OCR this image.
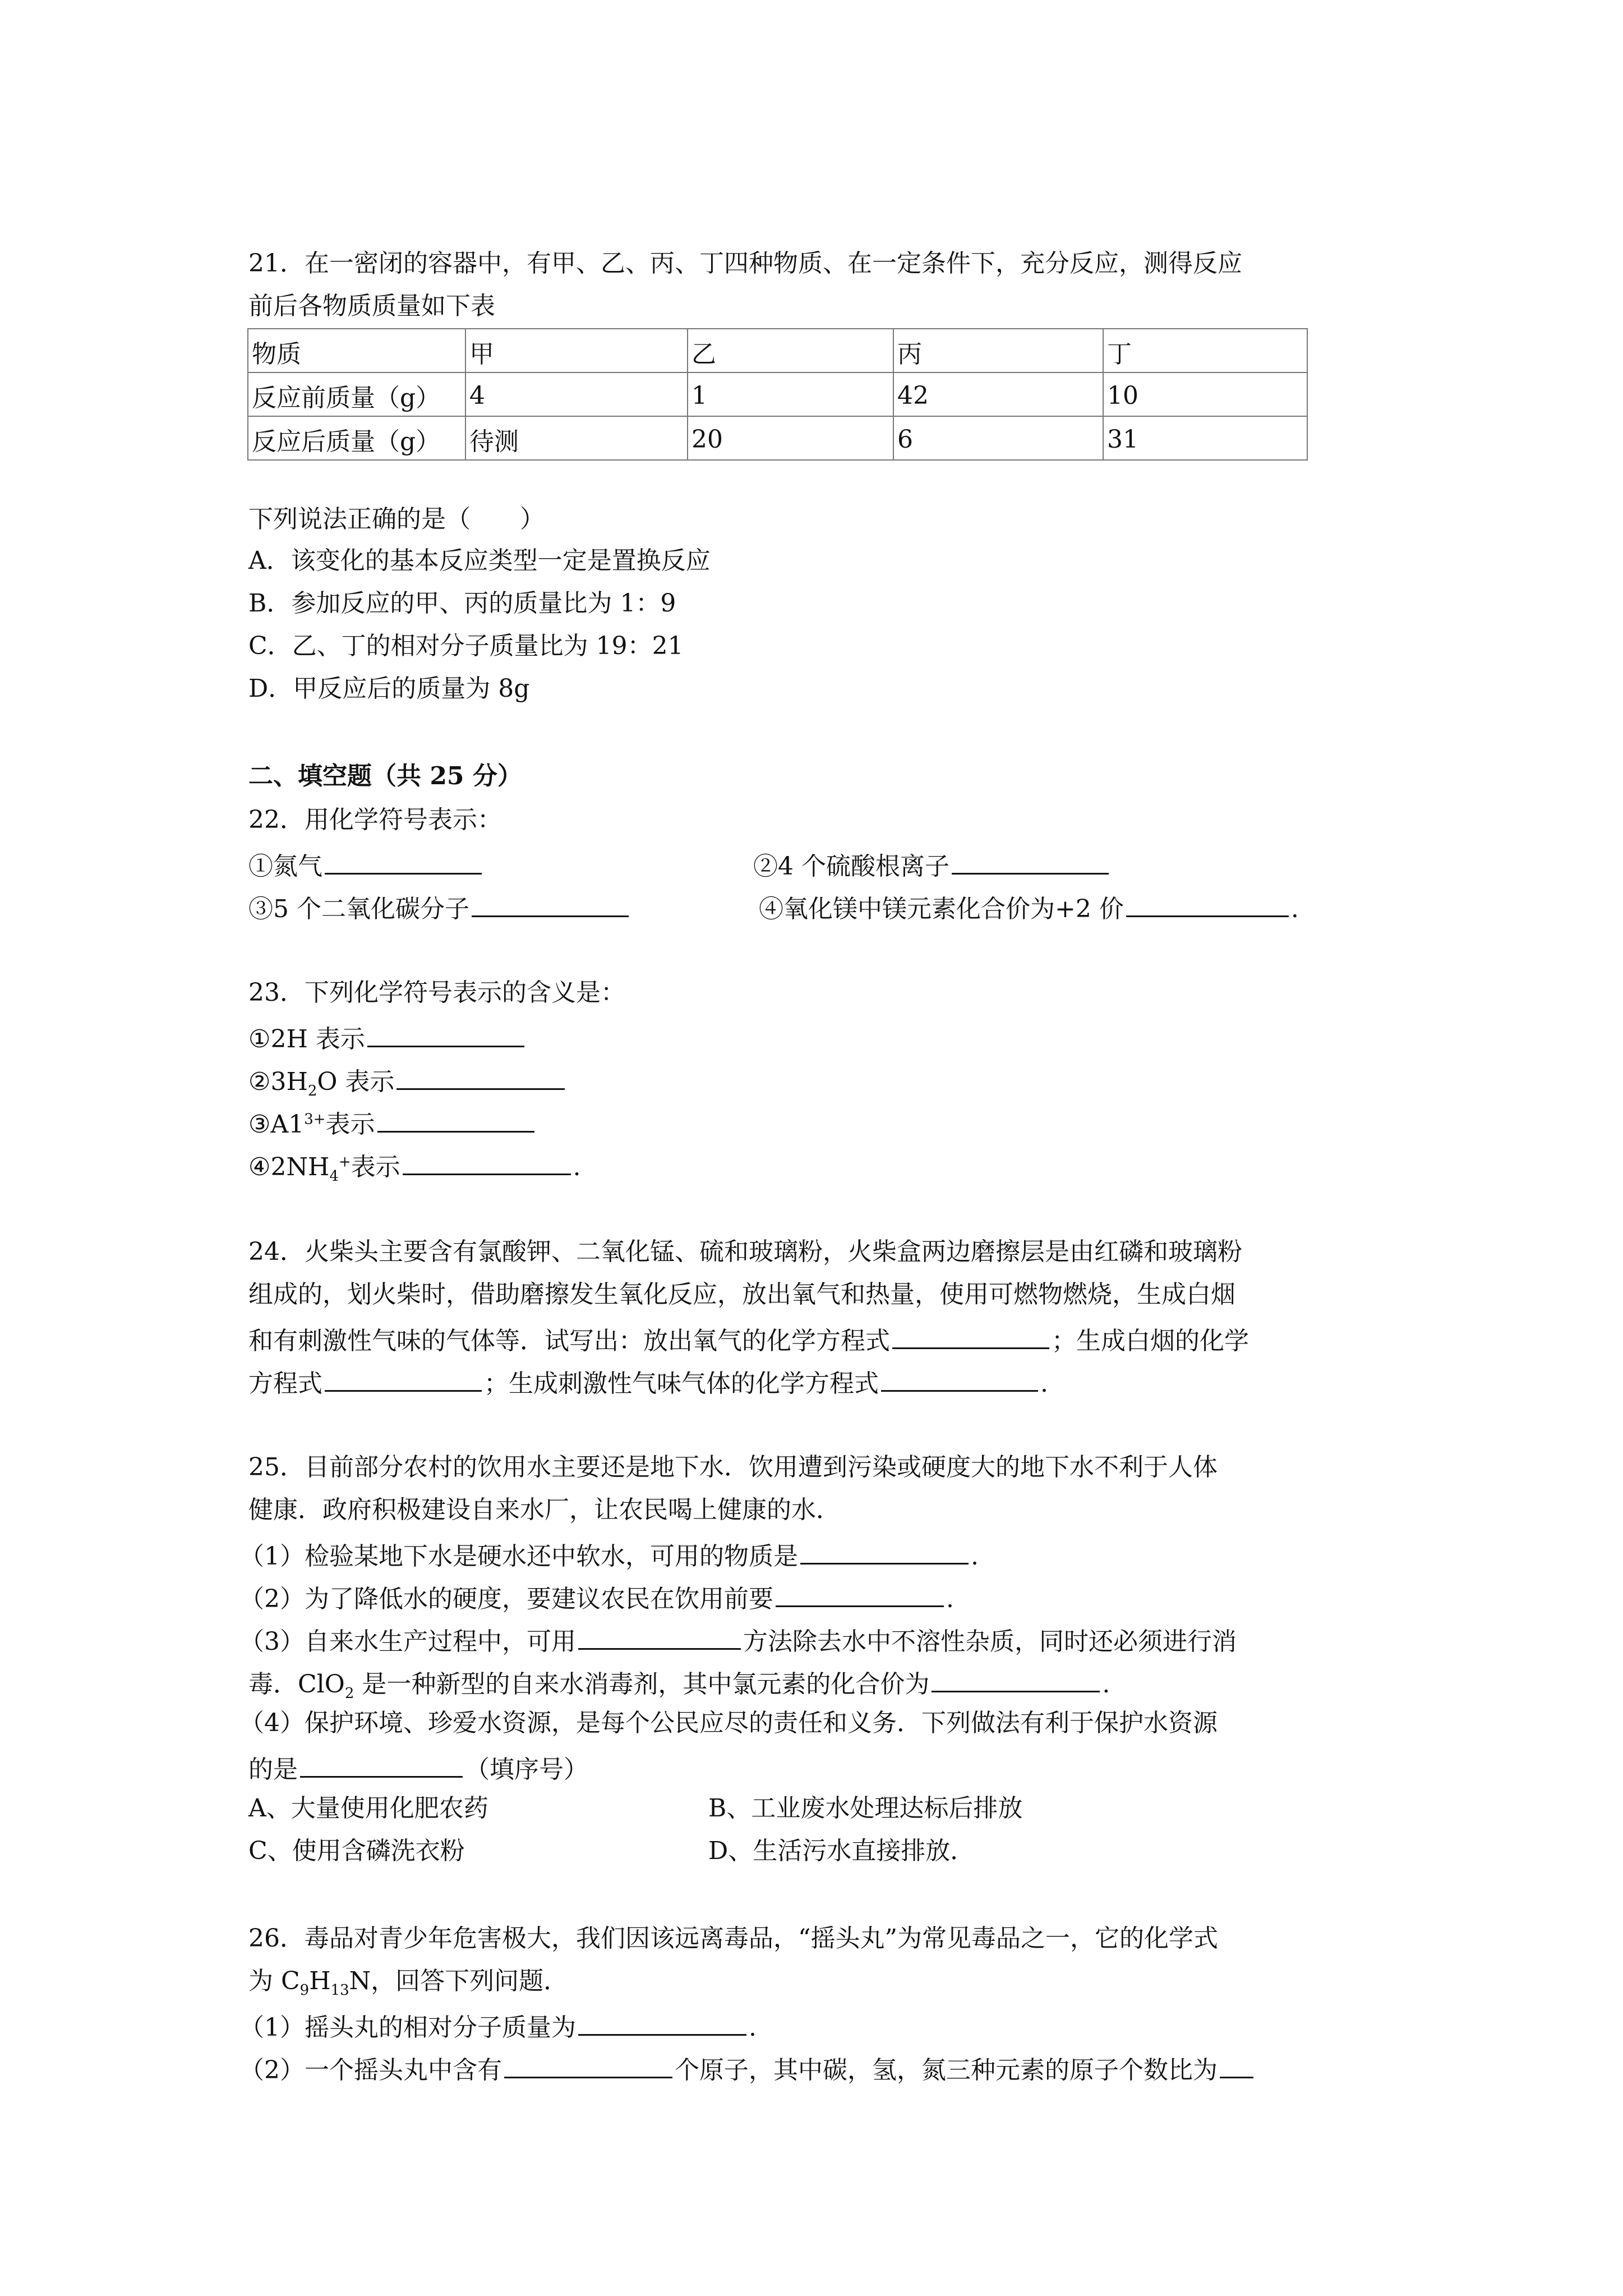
21．在一密闭的容器中，有甲、乙、丙、丁四种物质、在一定条件下，充分反应，测得反应
前后各物质质量如下表
物质	甲	乙	丙	丁
反应前质量（g）	4	1	42	10
反应后质量（g）	待测	20	6	31
下列说法正确的是（　　）
A．该变化的基本反应类型一定是置换反应
B．参加反应的甲、丙的质量比为 1：9
C．乙、丁的相对分子质量比为 19：21
D．甲反应后的质量为 8g
二、填空题（共 25 分）
22．用化学符号表示：
①氮气	②4 个硫酸根离子
③5 个二氧化碳分子	④氧化镁中镁元素化合价为+2 价	.
23．下列化学符号表示的含义是：
①2H 表示
$②3H_2O$ 表示
$③A1^{3+}$表示
$④2NH_4^+$表示	.
24．火柴头主要含有氯酸钾、二氧化锰、硫和玻璃粉，火柴盒两边磨擦层是由红磷和玻璃粉
组成的，划火柴时，借助磨擦发生氧化反应，放出氧气和热量，使用可燃物燃烧，生成白烟
和有刺激性气味的气体等．试写出：放出氧气的化学方程式	；生成白烟的化学
方程式	；生成刺激性气味气体的化学方程式	.
25．目前部分农村的饮用水主要还是地下水．饮用遭到污染或硬度大的地下水不利于人体
健康．政府积极建设自来水厂，让农民喝上健康的水．
（1）检验某地下水是硬水还中软水，可用的物质是	.
（2）为了降低水的硬度，要建议农民在饮用前要	.
（3）自来水生产过程中，可用	方法除去水中不溶性杂质，同时还必须进行消
毒．ClO$_2$ 是一种新型的自来水消毒剂，其中氯元素的化合价为	.
（4）保护环境、珍爱水资源，是每个公民应尽的责任和义务．下列做法有利于保护水资源
的是	（填序号）
A、大量使用化肥农药	B、工业废水处理达标后排放
C、使用含磷洗衣粉	D、生活污水直接排放．
26．毒品对青少年危害极大，我们因该远离毒品，“摇头丸”为常见毒品之一，它的化学式
为 $C_9H_{13}N$，回答下列问题．
（1）摇头丸的相对分子质量为	.
（2）一个摇头丸中含有	个原子，其中碳，氢，氮三种元素的原子个数比为
